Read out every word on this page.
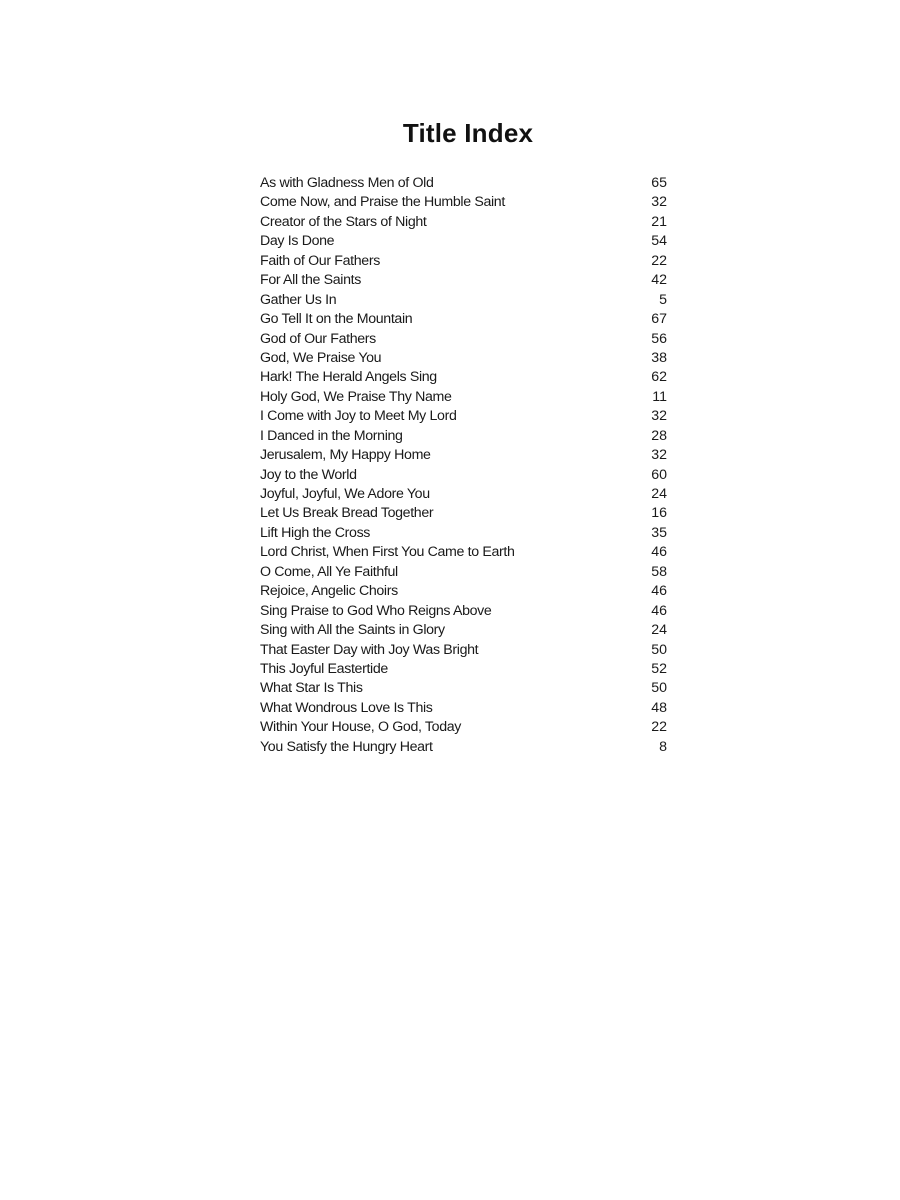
Title Index
As with Gladness Men of Old	65
Come Now, and Praise the Humble Saint	32
Creator of the Stars of Night	21
Day Is Done	54
Faith of Our Fathers	22
For All the Saints	42
Gather Us In	5
Go Tell It on the Mountain	67
God of Our Fathers	56
God, We Praise You	38
Hark! The Herald Angels Sing	62
Holy God, We Praise Thy Name	11
I Come with Joy to Meet My Lord	32
I Danced in the Morning	28
Jerusalem, My Happy Home	32
Joy to the World	60
Joyful, Joyful, We Adore You	24
Let Us Break Bread Together	16
Lift High the Cross	35
Lord Christ, When First You Came to Earth	46
O Come, All Ye Faithful	58
Rejoice, Angelic Choirs	46
Sing Praise to God Who Reigns Above	46
Sing with All the Saints in Glory	24
That Easter Day with Joy Was Bright	50
This Joyful Eastertide	52
What Star Is This	50
What Wondrous Love Is This	48
Within Your House, O God, Today	22
You Satisfy the Hungry Heart	8
